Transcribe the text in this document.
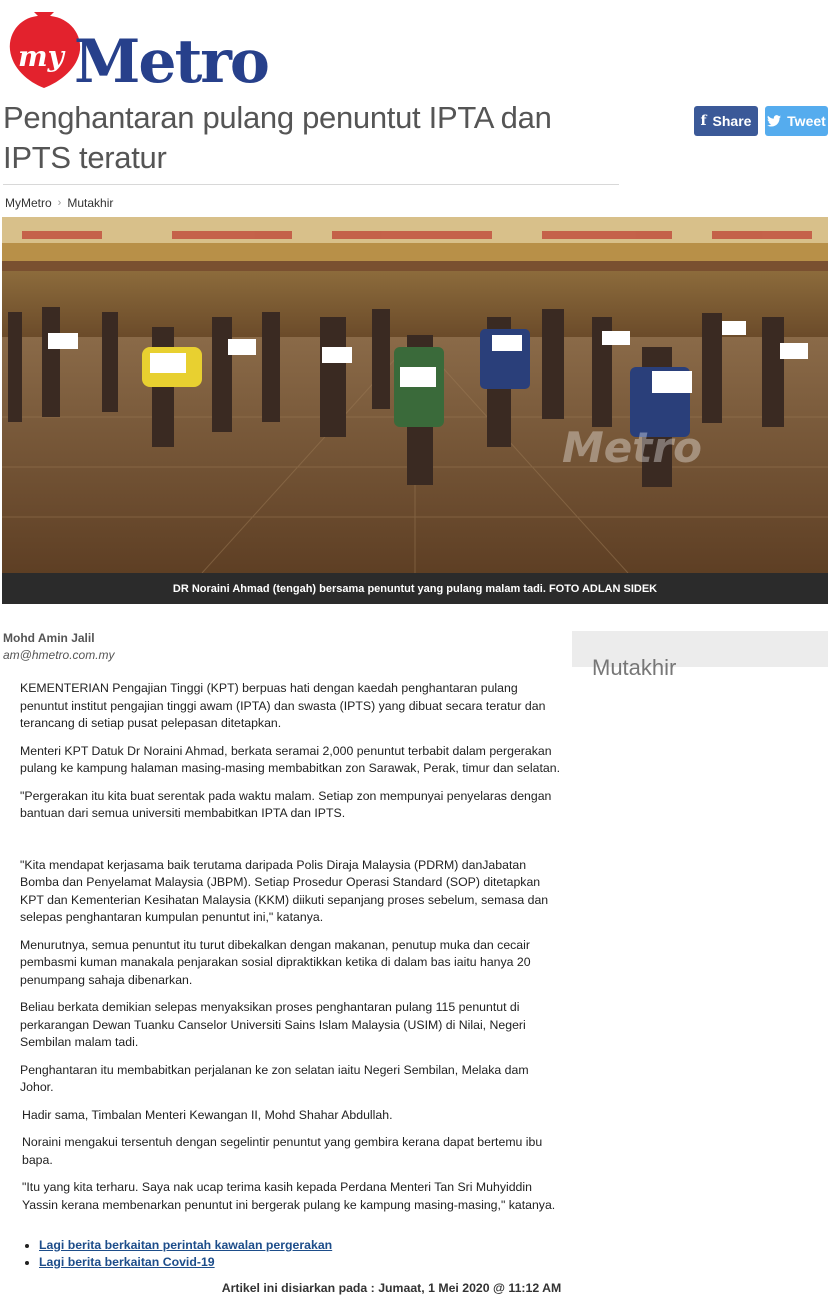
my Metro
Penghantaran pulang penuntut IPTA dan IPTS teratur
f Share	Tweet
MyMetro › Mutakhir
Metro
DR Noraini Ahmad (tengah) bersama penuntut yang pulang malam tadi. FOTO ADLAN SIDEK
Mohd Amin Jalil
am@hmetro.com.my	Mutakhir

KEMENTERIAN Pengajian Tinggi (KPT) berpuas hati dengan kaedah penghantaran pulang penuntut institut pengajian tinggi awam (IPTA) dan swasta (IPTS) yang dibuat secara teratur dan terancang di setiap pusat pelepasan ditetapkan.

Menteri KPT Datuk Dr Noraini Ahmad, berkata seramai 2,000 penuntut terbabit dalam pergerakan pulang ke kampung halaman masing-masing membabitkan zon Sarawak, Perak, timur dan selatan.

"Pergerakan itu kita buat serentak pada waktu malam. Setiap zon mempunyai penyelaras dengan bantuan dari semua universiti membabitkan IPTA dan IPTS.

"Kita mendapat kerjasama baik terutama daripada Polis Diraja Malaysia (PDRM) danJabatan Bomba dan Penyelamat Malaysia (JBPM). Setiap Prosedur Operasi Standard (SOP) ditetapkan KPT dan Kementerian Kesihatan Malaysia (KKM) diikuti sepanjang proses sebelum, semasa dan selepas penghantaran kumpulan penuntut ini," katanya.

Menurutnya, semua penuntut itu turut dibekalkan dengan makanan, penutup muka dan cecair pembasmi kuman manakala penjarakan sosial dipraktikkan ketika di dalam bas iaitu hanya 20 penumpang sahaja dibenarkan.

Beliau berkata demikian selepas menyaksikan proses penghantaran pulang 115 penuntut di perkarangan Dewan Tuanku Canselor Universiti Sains Islam Malaysia (USIM) di Nilai, Negeri Sembilan malam tadi.

Penghantaran itu membabitkan perjalanan ke zon selatan iaitu Negeri Sembilan, Melaka dam Johor.

Hadir sama, Timbalan Menteri Kewangan II, Mohd Shahar Abdullah.

Noraini mengakui tersentuh dengan segelintir penuntut yang gembira kerana dapat bertemu ibu bapa.

"Itu yang kita terharu. Saya nak ucap terima kasih kepada Perdana Menteri Tan Sri Muhyiddin Yassin kerana membenarkan penuntut ini bergerak pulang ke kampung masing-masing," katanya.

• Lagi berita berkaitan perintah kawalan pergerakan
• Lagi berita berkaitan Covid-19
Artikel ini disiarkan pada : Jumaat, 1 Mei 2020 @ 11:12 AM
